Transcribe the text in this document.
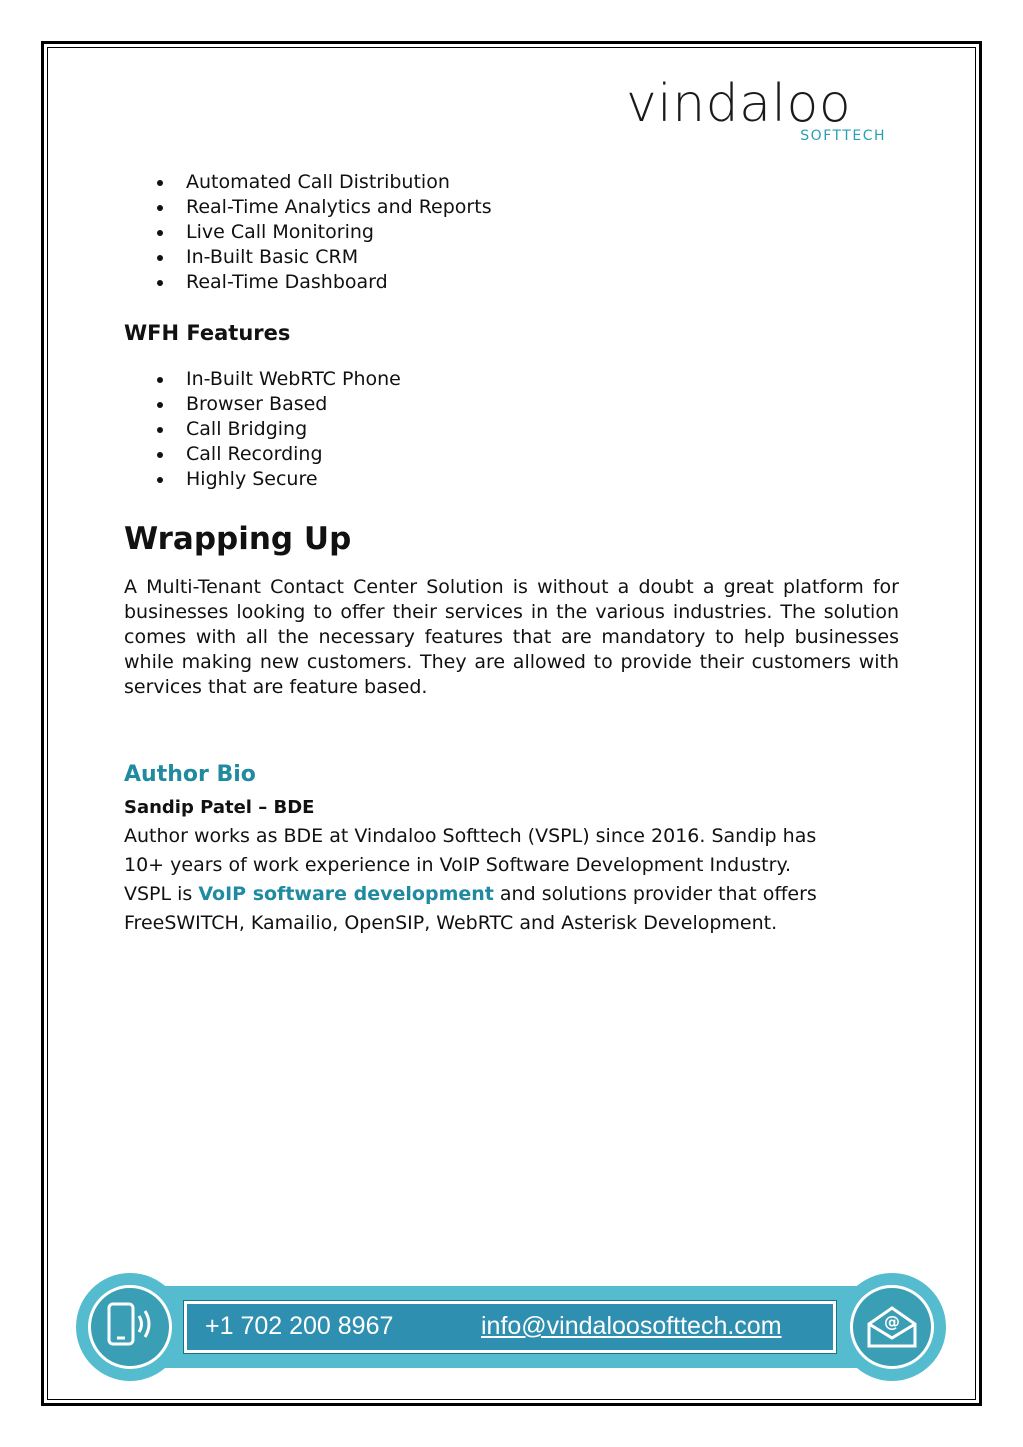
vindaloo
SOFTTECH
Automated Call Distribution
Real-Time Analytics and Reports
Live Call Monitoring
In-Built Basic CRM
Real-Time Dashboard
WFH Features
In-Built WebRTC Phone
Browser Based
Call Bridging
Call Recording
Highly Secure
Wrapping Up

A Multi-Tenant Contact Center Solution is without a doubt a great platform for businesses looking to offer their services in the various industries. The solution comes with all the necessary features that are mandatory to help businesses while making new customers. They are allowed to provide their customers with services that are feature based.

Author Bio

Sandip Patel – BDE

Author works as BDE at Vindaloo Softtech (VSPL) since 2016. Sandip has
10+ years of work experience in VoIP Software Development Industry.
VSPL is VoIP software development and solutions provider that offers
FreeSWITCH, Kamailio, OpenSIP, WebRTC and Asterisk Development.

@
+1 702 200 8967	info@vindaloosofttech.com
